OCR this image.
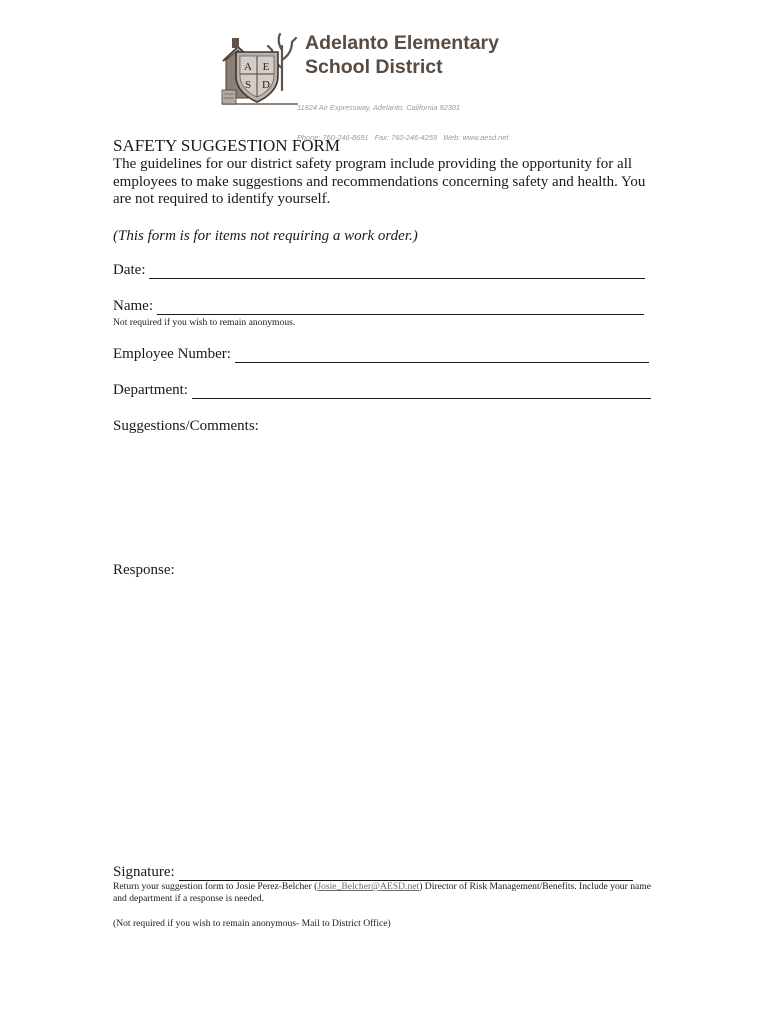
A E
S D
Adelanto Elementary
School District

11824 Air Expressway, Adelanto, California 92301

Phone: 760-246-8691   Fax: 760-246-4259   Web: www.aesd.net

SAFETY SUGGESTION FORM
The guidelines for our district safety program include providing the opportunity for all employees to make suggestions and recommendations concerning safety and health. You are not required to identify yourself.
(This form is for items not requiring a work order.)
Date:
Name:
Not required if you wish to remain anonymous.
Employee Number:
Department:
Suggestions/Comments:
Response:
Signature:
Return your suggestion form to Josie Perez-Belcher (Josie_Belcher@AESD.net) Director of Risk Management/Benefits. Include your name and department if a response is needed.
(Not required if you wish to remain anonymous- Mail to District Office)
